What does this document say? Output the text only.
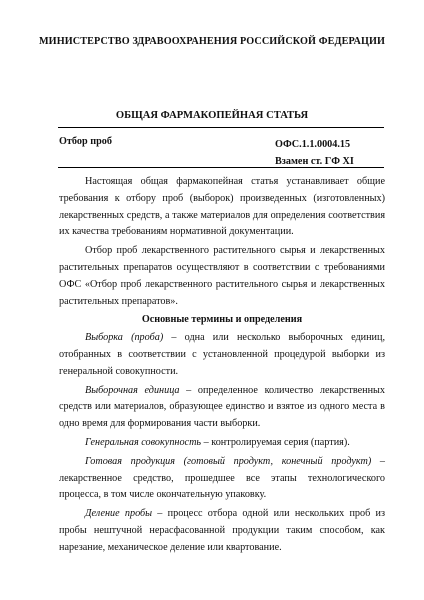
МИНИСТЕРСТВО ЗДРАВООХРАНЕНИЯ РОССИЙСКОЙ ФЕДЕРАЦИИ
ОБЩАЯ ФАРМАКОПЕЙНАЯ СТАТЬЯ
Отбор проб	ОФС.1.1.0004.15
Взамен ст. ГФ XI

Настоящая общая фармакопейная статья устанавливает общие требования к отбору проб (выборок) произведенных (изготовленных) лекарственных средств, а также материалов для определения соответствия их качества требованиям нормативной документации.

Отбор проб лекарственного растительного сырья и лекарственных растительных препаратов осуществляют в соответствии с требованиями ОФС «Отбор проб лекарственного растительного сырья и лекарственных растительных препаратов».

Основные термины и определения

Выборка (проба) – одна или несколько выборочных единиц, отобранных в соответствии с установленной процедурой выборки из генеральной совокупности.

Выборочная единица – определенное количество лекарственных средств или материалов, образующее единство и взятое из одного места в одно время для формирования части выборки.

Генеральная совокупность – контролируемая серия (партия).

Готовая продукция (готовый продукт, конечный продукт) – лекарственное средство, прошедшее все этапы технологического процесса, в том числе окончательную упаковку.

Деление пробы – процесс отбора одной или нескольких проб из пробы нештучной нерасфасованной продукции таким способом, как нарезание, механическое деление или квартование.
